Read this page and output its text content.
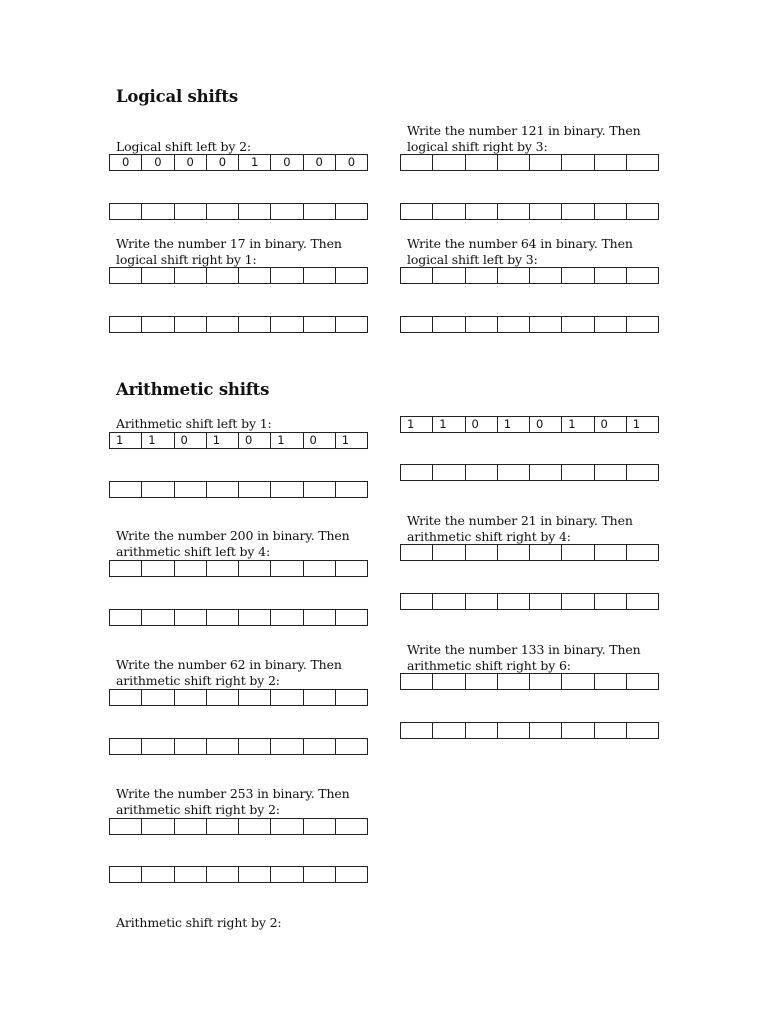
Logical shifts
Logical shift left by 2:
0	0	0	0	1	0	0	0
Write the number 121 in binary. Then
logical shift right by 3:
Write the number 17 in binary. Then
logical shift right by 1:
Write the number 64 in binary. Then
logical shift left by 3:
Arithmetic shifts
Arithmetic shift left by 1:
1	1	0	1	0	1	0	1
1	1	0	1	0	1	0	1
Write the number 200 in binary. Then
arithmetic shift left by 4:
Write the number 21 in binary. Then
arithmetic shift right by 4:
Write the number 62 in binary. Then
arithmetic shift right by 2:
Write the number 133 in binary. Then
arithmetic shift right by 6:
Write the number 253 in binary. Then
arithmetic shift right by 2:
Arithmetic shift right by 2:
